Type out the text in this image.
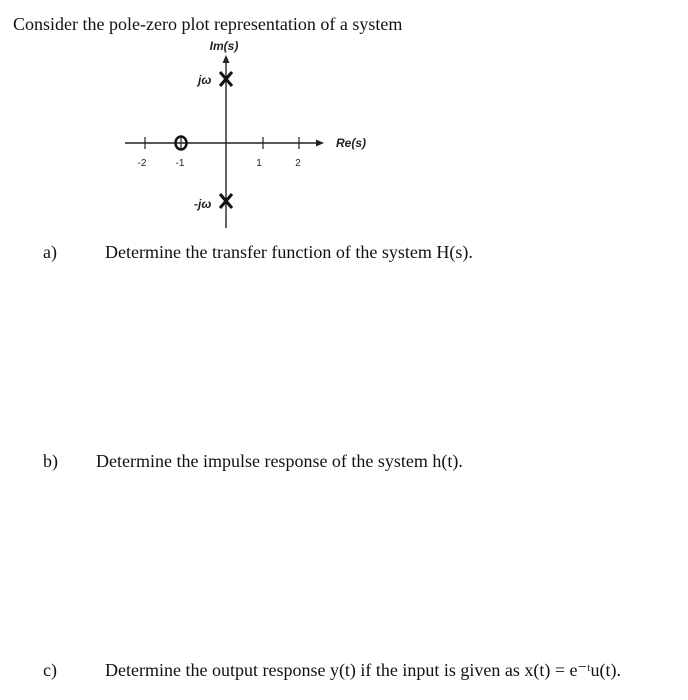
Consider the pole-zero plot representation of a system
-2	-1	1	2
Im(s)
Re(s)
jω
-jω
a)	Determine the transfer function of the system H(s).
b) Determine the impulse response of the system h(t).
c)	Determine the output response y(t) if the input is given as x(t) = e⁻ᵗu(t).
